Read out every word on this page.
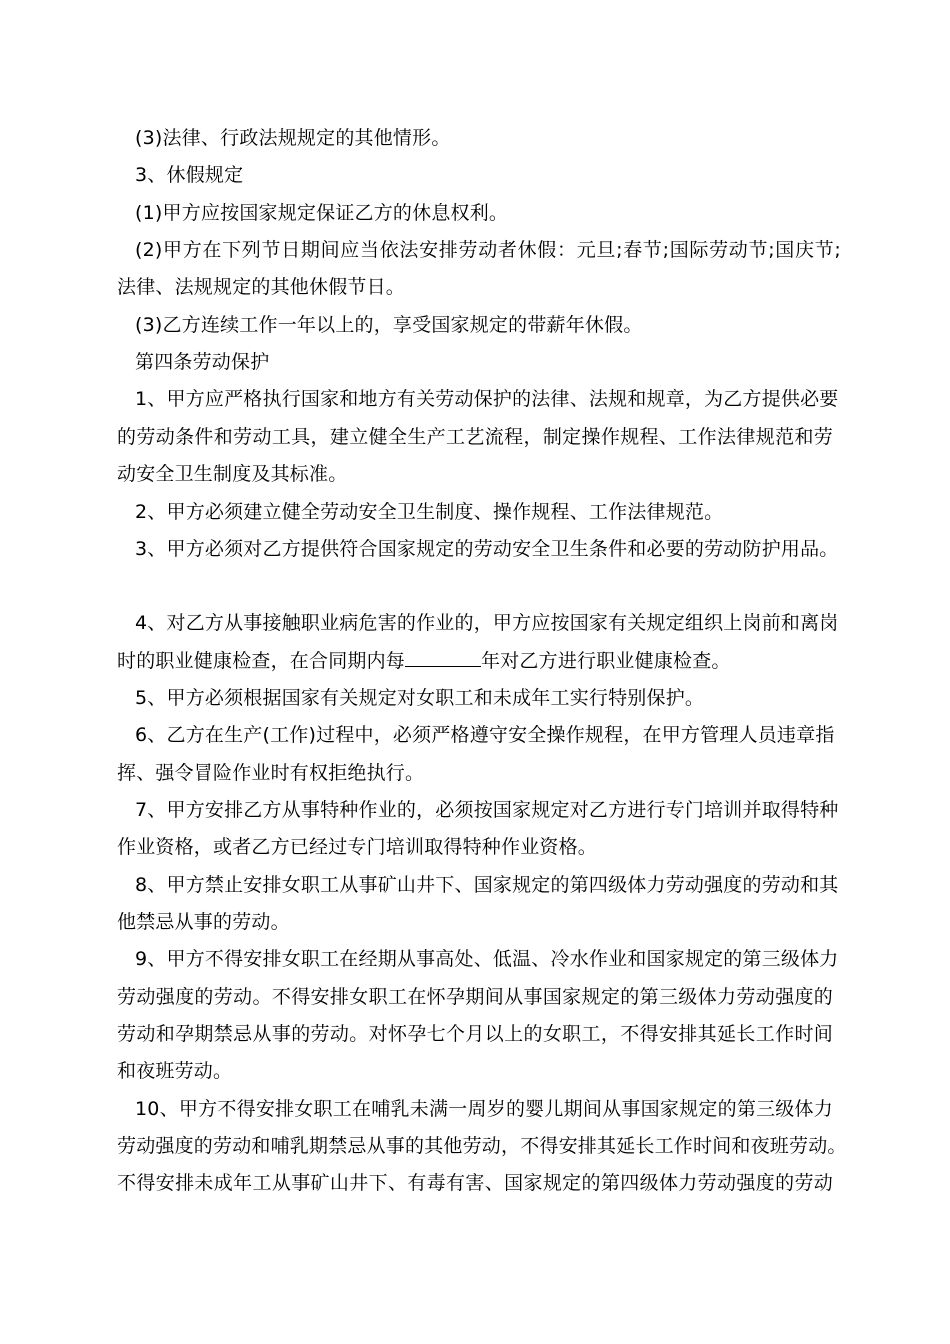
(3)法律、行政法规规定的其他情形。
3、休假规定
(1)甲方应按国家规定保证乙方的休息权利。
(2)甲方在下列节日期间应当依法安排劳动者休假：元旦;春节;国际劳动节;国庆节;
法律、法规规定的其他休假节日。
(3)乙方连续工作一年以上的，享受国家规定的带薪年休假。
第四条劳动保护
1、甲方应严格执行国家和地方有关劳动保护的法律、法规和规章，为乙方提供必要
的劳动条件和劳动工具，建立健全生产工艺流程，制定操作规程、工作法律规范和劳
动安全卫生制度及其标准。
2、甲方必须建立健全劳动安全卫生制度、操作规程、工作法律规范。
3、甲方必须对乙方提供符合国家规定的劳动安全卫生条件和必要的劳动防护用品。
4、对乙方从事接触职业病危害的作业的，甲方应按国家有关规定组织上岗前和离岗
时的职业健康检查，在合同期内每	年对乙方进行职业健康检查。
5、甲方必须根据国家有关规定对女职工和未成年工实行特别保护。
6、乙方在生产(工作)过程中，必须严格遵守安全操作规程，在甲方管理人员违章指
挥、强令冒险作业时有权拒绝执行。
7、甲方安排乙方从事特种作业的，必须按国家规定对乙方进行专门培训并取得特种
作业资格，或者乙方已经过专门培训取得特种作业资格。
8、甲方禁止安排女职工从事矿山井下、国家规定的第四级体力劳动强度的劳动和其
他禁忌从事的劳动。
9、甲方不得安排女职工在经期从事高处、低温、冷水作业和国家规定的第三级体力
劳动强度的劳动。不得安排女职工在怀孕期间从事国家规定的第三级体力劳动强度的
劳动和孕期禁忌从事的劳动。对怀孕七个月以上的女职工，不得安排其延长工作时间
和夜班劳动。
10、甲方不得安排女职工在哺乳未满一周岁的婴儿期间从事国家规定的第三级体力
劳动强度的劳动和哺乳期禁忌从事的其他劳动，不得安排其延长工作时间和夜班劳动。
不得安排未成年工从事矿山井下、有毒有害、国家规定的第四级体力劳动强度的劳动
